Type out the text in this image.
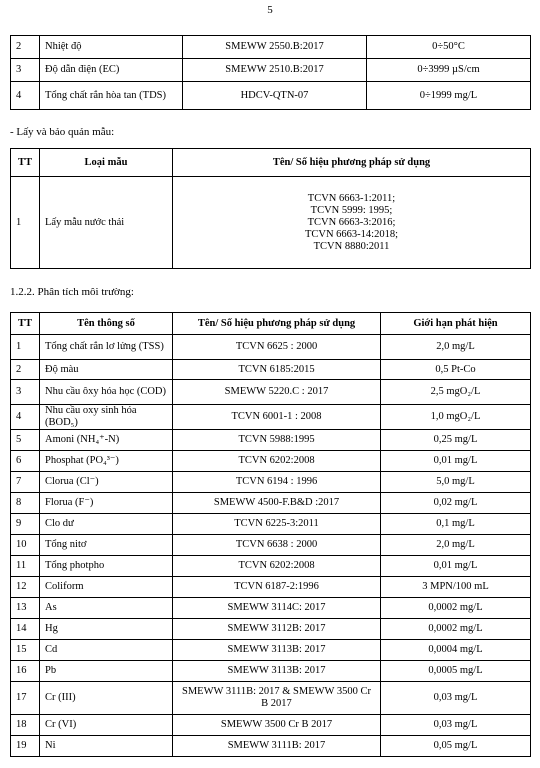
5
2	Nhiệt độ	SMEWW 2550.B:2017	0÷50°C
3	Độ dẫn điện (EC)	SMEWW 2510.B:2017	0÷3999 µS/cm
4	Tổng chất rắn hòa tan (TDS)	HDCV-QTN-07	0÷1999 mg/L
- Lấy và bảo quản mẫu:
TT	Loại mẫu	Tên/ Số hiệu phương pháp sử dụng
1	Lấy mẫu nước thải	TCVN 6663-1:2011;
TCVN 5999: 1995;
TCVN 6663-3:2016;
TCVN 6663-14:2018;
TCVN 8880:2011
1.2.2. Phân tích môi trường:
TT	Tên thông số	Tên/ Số hiệu phương pháp sử dụng	Giới hạn phát hiện
1	Tổng chất rắn lơ lửng (TSS)	TCVN 6625 : 2000	2,0 mg/L
2	Độ màu	TCVN 6185:2015	0,5 Pt-Co
3	Nhu cầu ôxy hóa học (COD)	SMEWW 5220.C : 2017	2,5 mgO₂/L
4	Nhu cầu oxy sinh hóa (BOD₅)	TCVN 6001-1 : 2008	1,0 mgO₂/L
5	Amoni (NH₄⁺-N)	TCVN 5988:1995	0,25 mg/L
6	Phosphat (PO₄³⁻)	TCVN 6202:2008	0,01 mg/L
7	Clorua (Cl⁻)	TCVN 6194 : 1996	5,0 mg/L
8	Florua (F⁻)	SMEWW 4500-F.B&D :2017	0,02 mg/L
9	Clo dư	TCVN 6225-3:2011	0,1 mg/L
10	Tổng nitơ	TCVN 6638 : 2000	2,0 mg/L
11	Tổng photpho	TCVN 6202:2008	0,01 mg/L
12	Coliform	TCVN 6187-2:1996	3 MPN/100 mL
13	As	SMEWW 3114C: 2017	0,0002 mg/L
14	Hg	SMEWW 3112B: 2017	0,0002 mg/L
15	Cd	SMEWW 3113B: 2017	0,0004 mg/L
16	Pb	SMEWW 3113B: 2017	0,0005 mg/L
17	Cr (III)	SMEWW 3111B: 2017 & SMEWW 3500 Cr B 2017	0,03 mg/L
18	Cr (VI)	SMEWW 3500 Cr B 2017	0,03 mg/L
19	Ni	SMEWW 3111B: 2017	0,05 mg/L
